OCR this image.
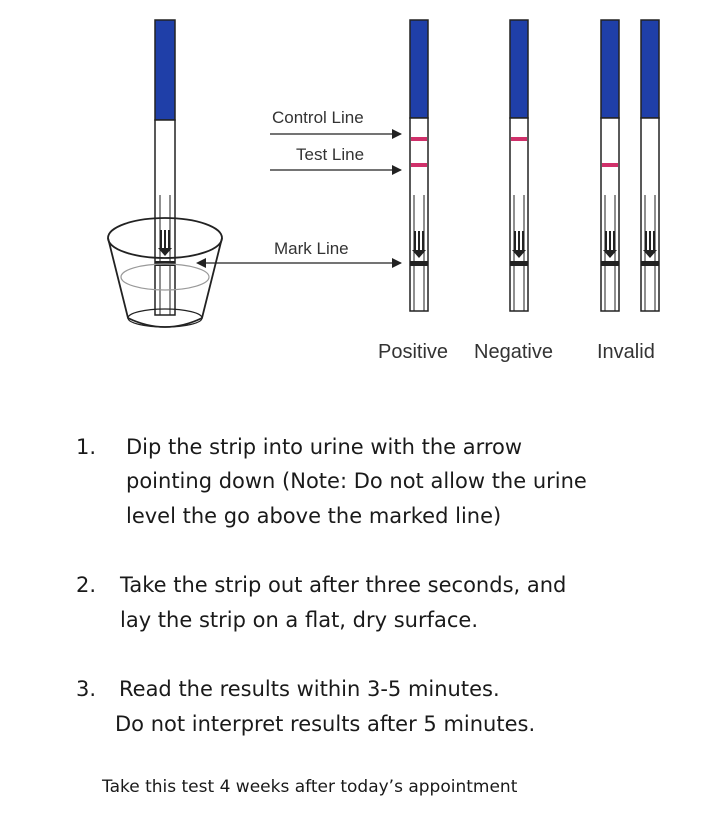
Control Line
Test Line
Mark Line
Positive Negative Invalid
1. Dip the strip into urine with the arrow
pointing down (Note: Do not allow the urine
level the go above the marked line)
2. Take the strip out after three seconds, and
lay the strip on a flat, dry surface.
3. Read the results within 3-5 minutes.
Do not interpret results after 5 minutes.
Take this test 4 weeks after today’s appointment
